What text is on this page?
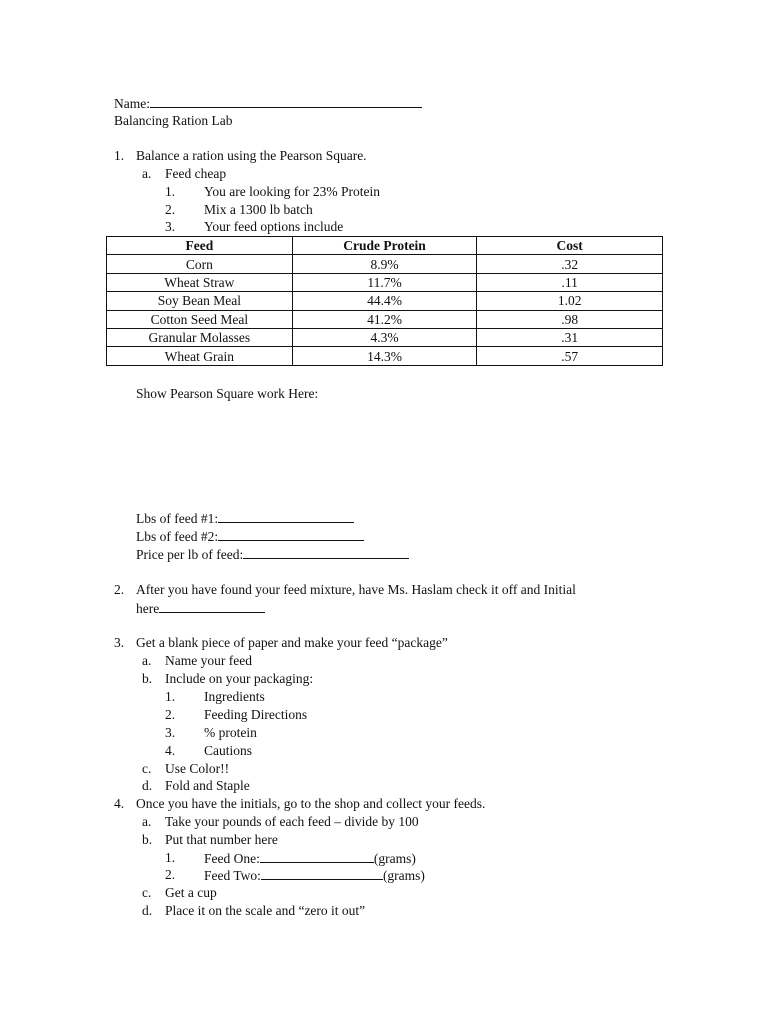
Name:
Balancing Ration Lab
1. Balance a ration using the Pearson Square.
a. Feed cheap
1. You are looking for 23% Protein
2. Mix a 1300 lb batch
3. Your feed options include
Feed	Crude Protein	Cost
Corn	8.9%	.32
Wheat Straw	11.7%	.11
Soy Bean Meal	44.4%	1.02
Cotton Seed Meal	41.2%	.98
Granular Molasses	4.3%	.31
Wheat Grain	14.3%	.57
Show Pearson Square work Here:
Lbs of feed #1:
Lbs of feed #2:
Price per lb of feed:
2. After you have found your feed mixture, have Ms. Haslam check it off and Initial
here
3. Get a blank piece of paper and make your feed “package”
a. Name your feed
b. Include on your packaging:
1. Ingredients
2. Feeding Directions
3. % protein
4. Cautions
c. Use Color!!
d. Fold and Staple
4. Once you have the initials, go to the shop and collect your feeds.
a. Take your pounds of each feed – divide by 100
b. Put that number here
1. Feed One:	(grams)
2. Feed Two:	(grams)
c. Get a cup
d. Place it on the scale and “zero it out”
